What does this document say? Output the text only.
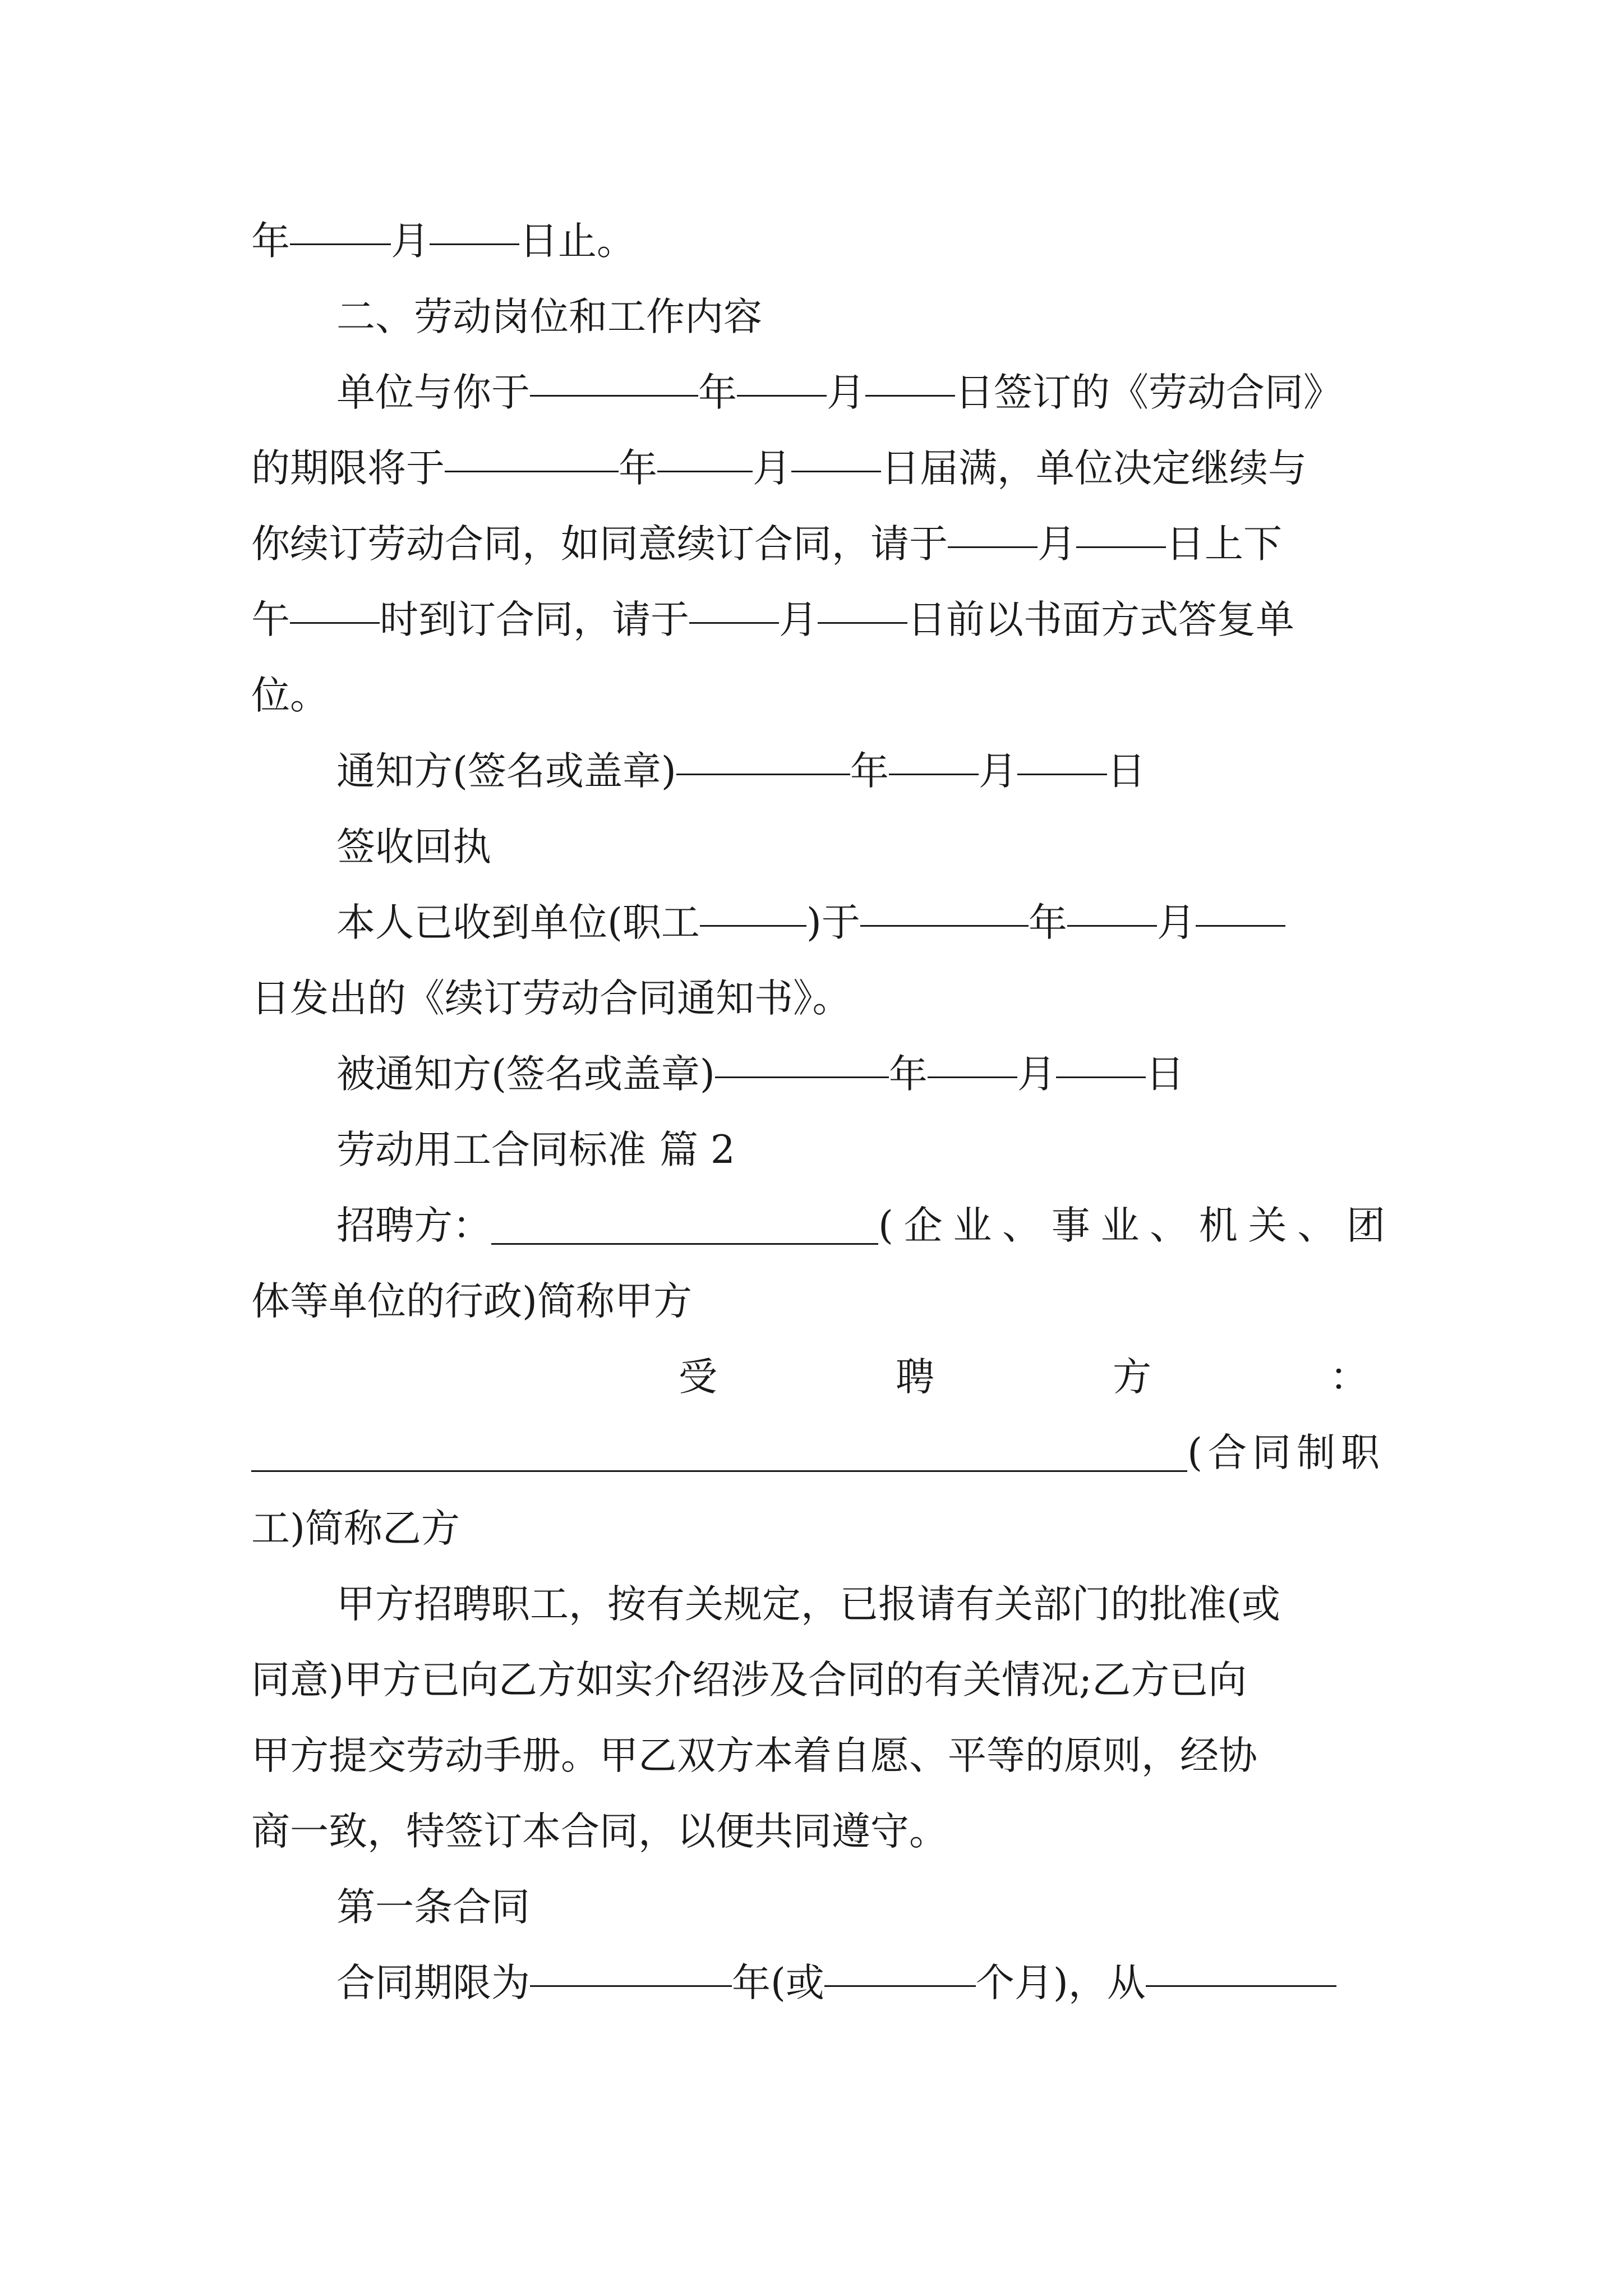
年	月 日止。
二、劳动岗位和工作内容
单位与你于	年 月 日签订的《劳动合同》
的期限将于	年 月 日届满，单位决定继续与
你续订劳动合同，如同意续订合同，请于 月 日上下
午 时到订合同，请于 月 日前以书面方式答复单
位。
通知方(签名或盖章)	年 月 日
签收回执
本人已收到单位(职工	)于	年 月
日发出的《续订劳动合同通知书》。
被通知方(签名或盖章)	年 月 日
劳动用工合同标准 篇 2
招聘方：	( 企 业 、 事 业 、 机 关 、 团
体等单位的行政)简称甲方
受	聘	方	：
(合同制职
工)简称乙方
甲方招聘职工，按有关规定，已报请有关部门的批准(或
同意)甲方已向乙方如实介绍涉及合同的有关情况;乙方已向
甲方提交劳动手册。甲乙双方本着自愿、平等的原则，经协
商一致，特签订本合同，以便共同遵守。
第一条合同
合同期限为	年(或	个月)，从
